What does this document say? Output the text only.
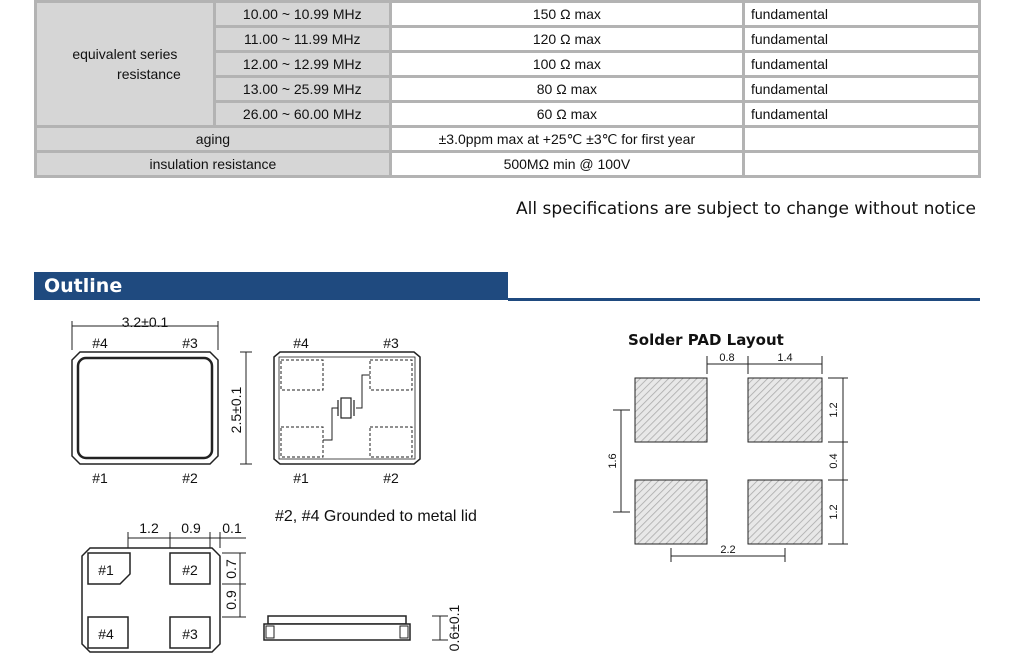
equivalent series
resistance	10.00 ~ 10.99 MHz	150 Ω max	fundamental
	11.00 ~ 11.99 MHz	120 Ω max	fundamental
	12.00 ~ 12.99 MHz	100 Ω max	fundamental
	13.00 ~ 25.99 MHz	80 Ω max	fundamental
	26.00 ~ 60.00 MHz	60 Ω max	fundamental
aging		±3.0ppm max at +25℃ ±3℃ for first year	
insulation resistance		500MΩ min @ 100V	
All specifications are subject to change without notice
Outline
3.2±0.1
2.5±0.1
#4	#3
#1	#2
#4	#3
#1	#2
#2, #4 Grounded to metal lid
1.2 0.9 0.1
#1	#2
#4	#3
0.7
0.9
0.6±0.1
Solder PAD Layout
0.8	1.4
1.2
0.4
1.2
1.6
2.2
